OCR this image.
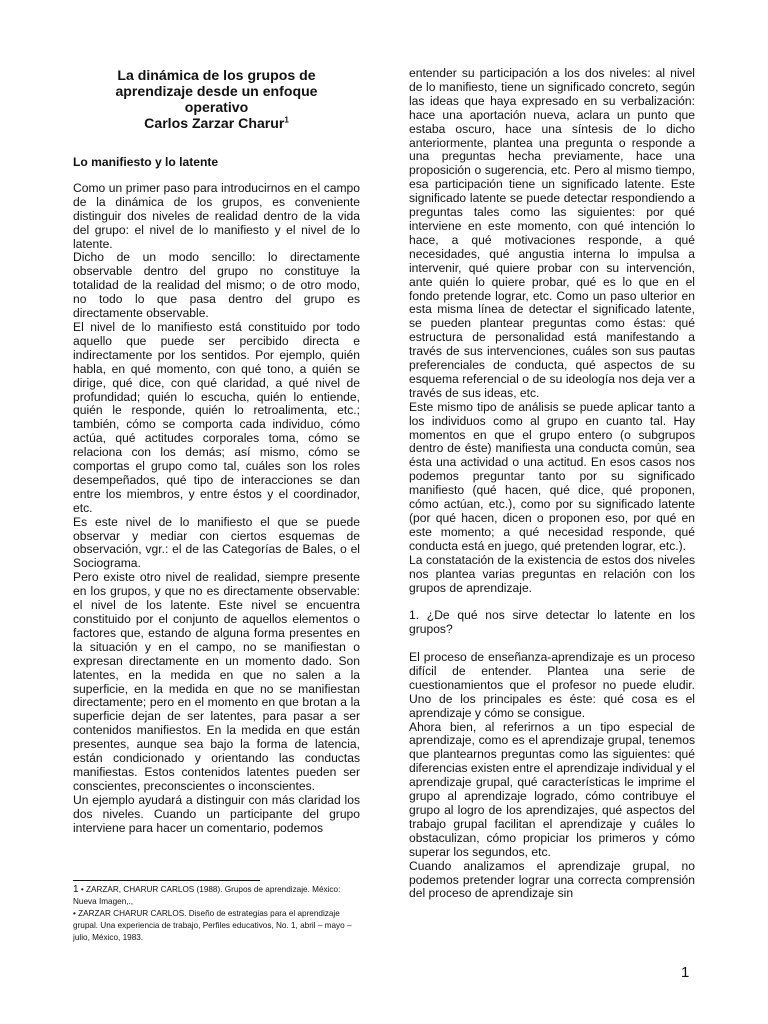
La dinámica de los grupos de

aprendizaje desde un enfoque

operativo

Carlos Zarzar Charur$^1$

Lo manifiesto y lo latente

Como un primer paso para introducirnos en el campo de la dinámica de los grupos, es conveniente distinguir dos niveles de realidad dentro de la vida del grupo: el nivel de lo manifiesto y el nivel de lo latente.

Dicho de un modo sencillo: lo directamente observable dentro del grupo no constituye la totalidad de la realidad del mismo; o de otro modo, no todo lo que pasa dentro del grupo es directamente observable.

El nivel de lo manifiesto está constituido por todo aquello que puede ser percibido directa e indirectamente por los sentidos. Por ejemplo, quién habla, en qué momento, con qué tono, a quién se dirige, qué dice, con qué claridad, a qué nivel de profundidad; quién lo escucha, quién lo entiende, quién le responde, quién lo retroalimenta, etc.; también, cómo se comporta cada individuo, cómo actúa, qué actitudes corporales toma, cómo se relaciona con los demás; así mismo, cómo se comportas el grupo como tal, cuáles son los roles desempeñados, qué tipo de interacciones se dan entre los miembros, y entre éstos y el coordinador, etc.

Es este nivel de lo manifiesto el que se puede observar y mediar con ciertos esquemas de observación, vgr.: el de las Categorías de Bales, o el Sociograma.

Pero existe otro nivel de realidad, siempre presente en los grupos, y que no es directamente observable: el nivel de los latente. Este nivel se encuentra constituido por el conjunto de aquellos elementos o factores que, estando de alguna forma presentes en la situación y en el campo, no se manifiestan o expresan directamente en un momento dado. Son latentes, en la medida en que no salen a la superficie, en la medida en que no se manifiestan directamente; pero en el momento en que brotan a la superficie dejan de ser latentes, para pasar a ser contenidos manifiestos. En la medida en que están presentes, aunque sea bajo la forma de latencia, están condicionado y orientando las conductas manifiestas. Estos contenidos latentes pueden ser conscientes, preconscientes o inconscientes.

Un ejemplo ayudará a distinguir con más claridad los dos niveles. Cuando un participante del grupo interviene para hacer un comentario, podemos

entender su participación a los dos niveles: al nivel de lo manifiesto, tiene un significado concreto, según las ideas que haya expresado en su verbalización: hace una aportación nueva, aclara un punto que estaba oscuro, hace una síntesis de lo dicho anteriormente, plantea una pregunta o responde a una preguntas hecha previamente, hace una proposición o sugerencia, etc. Pero al mismo tiempo, esa participación tiene un significado latente. Este significado latente se puede detectar respondiendo a preguntas tales como las siguientes: por qué interviene en este momento, con qué intención lo hace, a qué motivaciones responde, a qué necesidades, qué angustia interna lo impulsa a intervenir, qué quiere probar con su intervención, ante quién lo quiere probar, qué es lo que en el fondo pretende lograr, etc. Como un paso ulterior en esta misma línea de detectar el significado latente, se pueden plantear preguntas como éstas: qué estructura de personalidad está manifestando a través de sus intervenciones, cuáles son sus pautas preferenciales de conducta, qué aspectos de su esquema referencial o de su ideología nos deja ver a través de sus ideas, etc.

Este mismo tipo de análisis se puede aplicar tanto a los individuos como al grupo en cuanto tal. Hay momentos en que el grupo entero (o subgrupos dentro de éste) manifiesta una conducta común, sea ésta una actividad o una actitud. En esos casos nos podemos preguntar tanto por su significado manifiesto (qué hacen, qué dice, qué proponen, cómo actúan, etc.), como por su significado latente (por qué hacen, dicen o proponen eso, por qué en este momento; a qué necesidad responde, qué conducta está en juego, qué pretenden lograr, etc.).

La constatación de la existencia de estos dos niveles nos plantea varias preguntas en relación con los grupos de aprendizaje.

1. ¿De qué nos sirve detectar lo latente en los grupos?

El proceso de enseñanza-aprendizaje es un proceso difícil de entender. Plantea una serie de cuestionamientos que el profesor no puede eludir. Uno de los principales es éste: qué cosa es el aprendizaje y cómo se consigue.

Ahora bien, al referirnos a un tipo especial de aprendizaje, como es el aprendizaje grupal, tenemos que plantearnos preguntas como las siguientes: qué diferencias existen entre el aprendizaje individual y el aprendizaje grupal, qué características le imprime el grupo al aprendizaje logrado, cómo contribuye el grupo al logro de los aprendizajes, qué aspectos del trabajo grupal facilitan el aprendizaje y cuáles lo obstaculizan, cómo propiciar los primeros y cómo superar los segundos, etc.

Cuando analizamos el aprendizaje grupal, no podemos pretender lograr una correcta comprensión del proceso de aprendizaje sin

1 • ZARZAR, CHARUR CARLOS (1988). Grupos de aprendizaje. México: Nueva Imagen,.,

• ZARZAR CHARUR CARLOS. Diseño de estrategias para el aprendizaje grupal. Una experiencia de trabajo, Perfiles educativos, No. 1, abril – mayo – julio, México, 1983.

1
